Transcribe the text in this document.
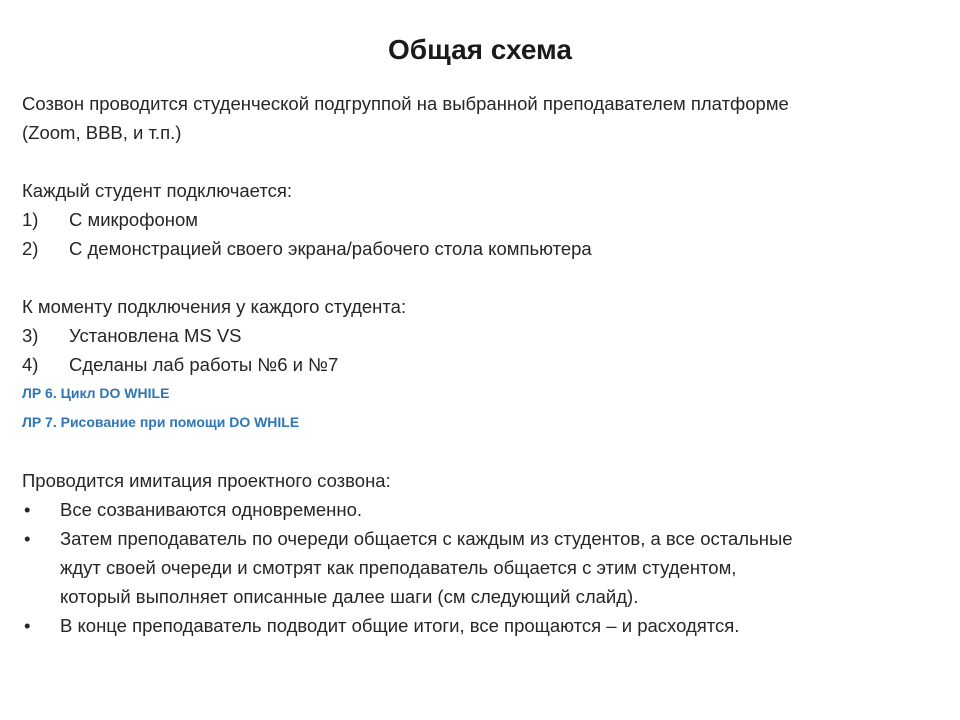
Общая схема

Созвон проводится студенческой подгруппой на выбранной преподавателем платформе

(Zoom, BBB, и т.п.)

Каждый студент подключается:

1)	С микрофоном
2)	С демонстрацией своего экрана/рабочего стола компьютера

К моменту подключения у каждого студента:

3)	Установлена MS VS
4)	Сделаны лаб работы №6 и №7
ЛР 6. Цикл DO WHILE
ЛР 7. Рисование при помощи DO WHILE

Проводится имитация проектного созвона:

•	Все созваниваются одновременно.
•	Затем преподаватель по очереди общается с каждым из студентов, а все остальные
ждут своей очереди и смотрят как преподаватель общается с этим студентом,
который выполняет описанные далее шаги (см следующий слайд).
•	В конце преподаватель подводит общие итоги, все прощаются – и расходятся.
